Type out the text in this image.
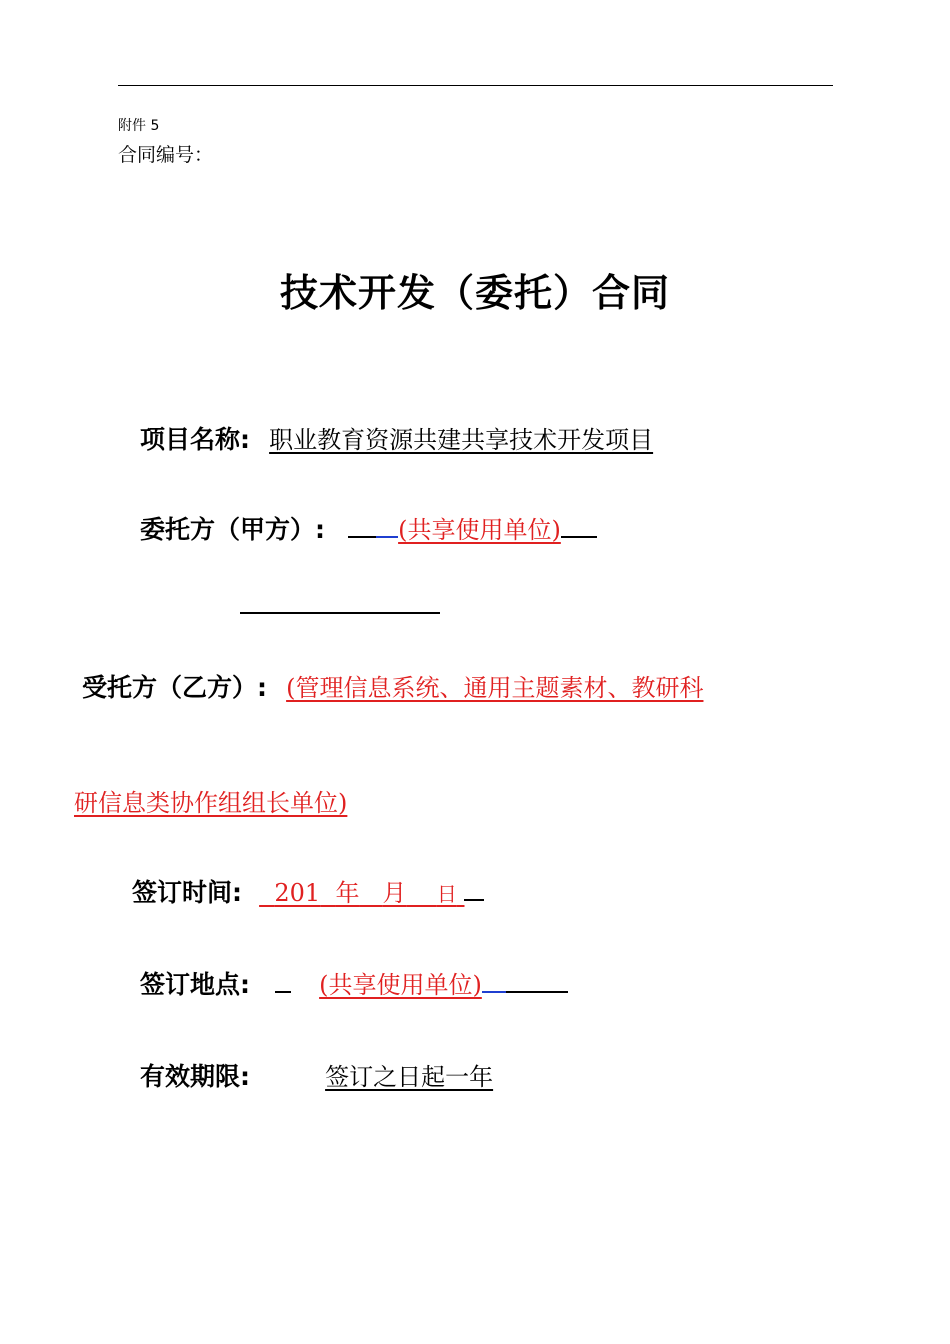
附件 5
合同编号：
技术开发（委托）合同
项目名称: 职业教育资源共建共享技术开发项目
委托方（甲方）:	(共享使用单位)
受托方（乙方）: (管理信息系统、通用主题素材、教研科
研信息类协作组组长单位)
签订时间: 201 年 月 日
签订地点:	(共享使用单位)
有效期限:	签订之日起一年
